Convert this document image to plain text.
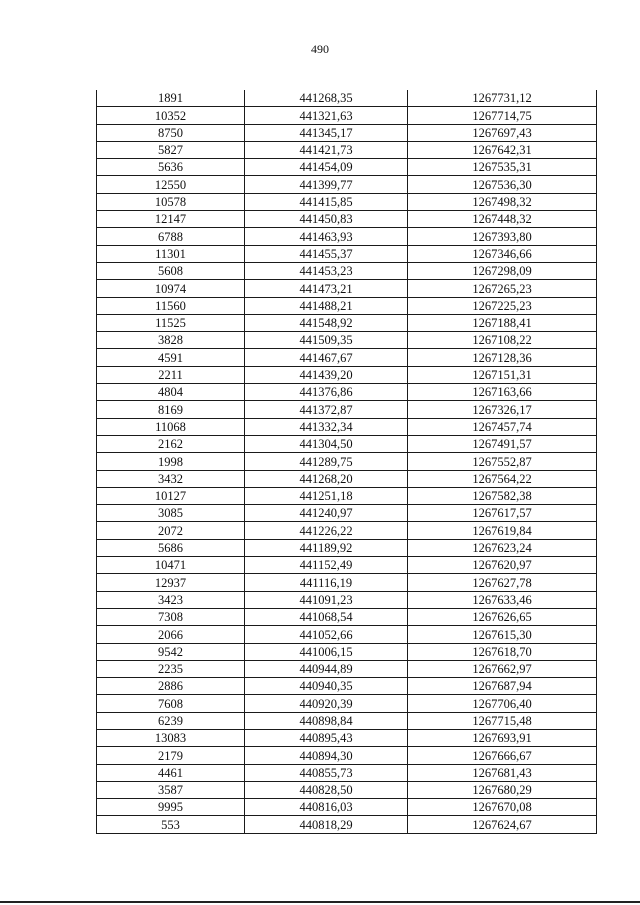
490
1891	441268,35	1267731,12
10352	441321,63	1267714,75
8750	441345,17	1267697,43
5827	441421,73	1267642,31
5636	441454,09	1267535,31
12550	441399,77	1267536,30
10578	441415,85	1267498,32
12147	441450,83	1267448,32
6788	441463,93	1267393,80
11301	441455,37	1267346,66
5608	441453,23	1267298,09
10974	441473,21	1267265,23
11560	441488,21	1267225,23
11525	441548,92	1267188,41
3828	441509,35	1267108,22
4591	441467,67	1267128,36
2211	441439,20	1267151,31
4804	441376,86	1267163,66
8169	441372,87	1267326,17
11068	441332,34	1267457,74
2162	441304,50	1267491,57
1998	441289,75	1267552,87
3432	441268,20	1267564,22
10127	441251,18	1267582,38
3085	441240,97	1267617,57
2072	441226,22	1267619,84
5686	441189,92	1267623,24
10471	441152,49	1267620,97
12937	441116,19	1267627,78
3423	441091,23	1267633,46
7308	441068,54	1267626,65
2066	441052,66	1267615,30
9542	441006,15	1267618,70
2235	440944,89	1267662,97
2886	440940,35	1267687,94
7608	440920,39	1267706,40
6239	440898,84	1267715,48
13083	440895,43	1267693,91
2179	440894,30	1267666,67
4461	440855,73	1267681,43
3587	440828,50	1267680,29
9995	440816,03	1267670,08
553	440818,29	1267624,67
